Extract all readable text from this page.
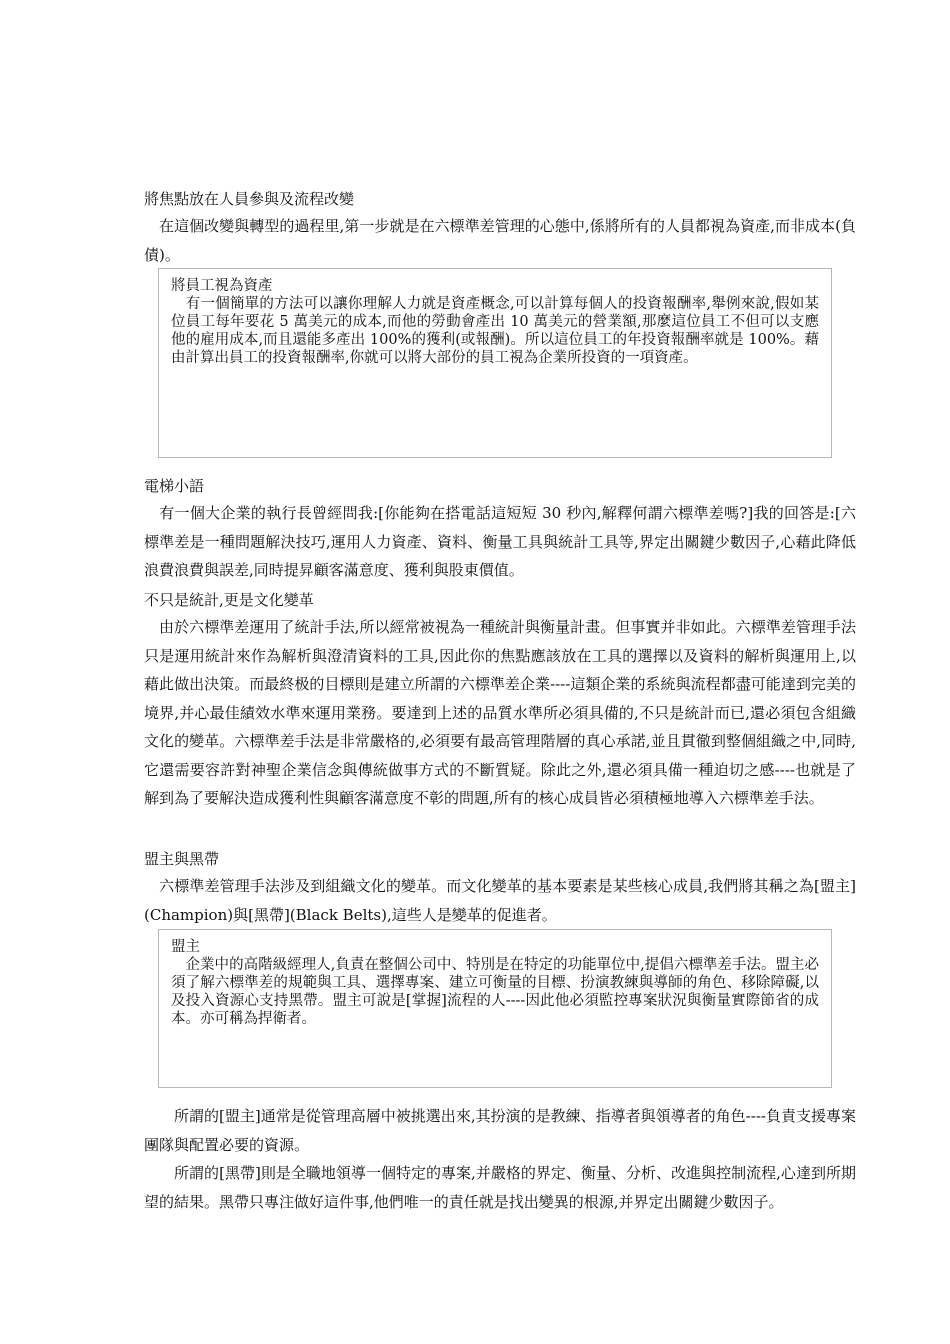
將焦點放在人員參與及流程改變

　在這個改變與轉型的過程里,第一步就是在六標準差管理的心態中,係將所有的人員都視為資產,而非成本(負債)。

將員工視為資產

　有一個簡單的方法可以讓你理解人力就是資產概念,可以計算每個人的投資報酬率,舉例來說,假如某位員工每年要花 5 萬美元的成本,而他的勞動會產出 10 萬美元的營業額,那麼這位員工不但可以支應他的雇用成本,而且還能多產出 100%的獲利(或報酬)。所以這位員工的年投資報酬率就是 100%。藉由計算出員工的投資報酬率,你就可以將大部份的員工視為企業所投資的一項資產。

電梯小語

　有一個大企業的執行長曾經問我:[你能夠在搭電話這短短 30 秒內,解釋何謂六標準差嗎?]我的回答是:[六標準差是一種問題解決技巧,運用人力資產、資料、衡量工具與統計工具等,界定出關鍵少數因子,心藉此降低浪費浪費與誤差,同時提昇顧客滿意度、獲利與股東價值。

不只是統計,更是文化變革

　由於六標準差運用了統計手法,所以經常被視為一種統計與衡量計畫。但事實并非如此。六標準差管理手法只是運用統計來作為解析與澄清資料的工具,因此你的焦點應該放在工具的選擇以及資料的解析與運用上,以藉此做出決策。而最終极的目標則是建立所謂的六標準差企業----這類企業的系統與流程都盡可能達到完美的境界,并心最佳績效水準來運用業務。要達到上述的品質水準所必須具備的,不只是統計而已,還必須包含組織文化的變革。六標準差手法是非常嚴格的,必須要有最高管理階層的真心承諾,並且貫徹到整個組織之中,同時,它還需要容許對神聖企業信念與傳統做事方式的不斷質疑。除此之外,還必須具備一種迫切之感----也就是了解到為了要解決造成獲利性與顧客滿意度不彰的問題,所有的核心成員皆必須積極地導入六標準差手法。

盟主與黑帶

　六標準差管理手法涉及到組織文化的變革。而文化變革的基本要素是某些核心成員,我們將其稱之為[盟主](Champion)與[黑帶](Black Belts),這些人是變革的促進者。

盟主

　企業中的高階級經理人,負責在整個公司中、特別是在特定的功能單位中,提倡六標準差手法。盟主必須了解六標準差的規範與工具、選擇專案、建立可衡量的目標、扮演教練與導師的角色、移除障礙,以及投入資源心支持黑帶。盟主可說是[掌握]流程的人----因此他必須監控專案狀況與衡量實際節省的成本。亦可稱為捍衛者。

　　所謂的[盟主]通常是從管理高層中被挑選出來,其扮演的是教練、指導者與領導者的角色----負責支援專案團隊與配置必要的資源。

　　所謂的[黑帶]則是全職地領導一個特定的專案,并嚴格的界定、衡量、分析、改進與控制流程,心達到所期望的結果。黑帶只專注做好這件事,他們唯一的責任就是找出變異的根源,并界定出關鍵少數因子。
